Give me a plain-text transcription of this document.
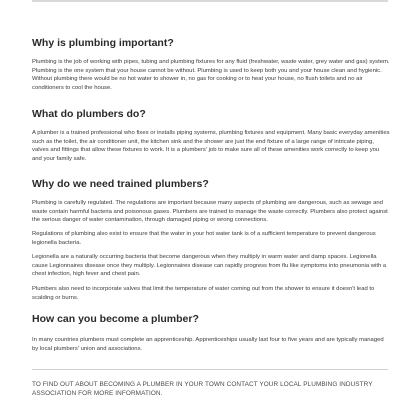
Why is plumbing important?

Plumbing is the job of working with pipes, tubing and plumbing fixtures for any fluid (freshwater, waste water, grey water and gas) system. Plumbing is the one system that your house cannot be without. Plumbing is used to keep both you and your house clean and hygienic. Without plumbing there would be no hot water to shower in, no gas for cooking or to heat your house, no flush toilets and no air conditioners to cool the house.

What do plumbers do?

A plumber is a trained professional who fixes or installs piping systems, plumbing fixtures and equipment. Many basic everyday amenities such as the toilet, the air conditioner unit, the kitchen sink and the shower are just the end fixture of a large range of intricate piping, valves and fittings that allow these fixtures to work. It is a plumbers' job to make sure all of these amenities work correctly to keep you and your family safe.

Why do we need trained plumbers?

Plumbing is carefully regulated. The regulations are important because many aspects of plumbing are dangerous, such as sewage and waste contain harmful bacteria and poisonous gases. Plumbers are trained to manage the waste correctly. Plumbers also protect against the serious danger of water contamination, through damaged piping or wrong connections.

Regulations of plumbing also exist to ensure that the water in your hot water tank is of a sufficient temperature to prevent dangerous legionella bacteria.

Legionella are a naturally occurring bacteria that become dangerous when they multiply in warm water and damp spaces. Legionella cause Legionnaires disease once they multiply. Legionnaires disease can rapidly progress from flu like symptoms into pneumonia with a chest infection, high fever and chest pain.

Plumbers also need to incorporate valves that limit the temperature of water coming out from the shower to ensure it doesn't lead to scalding or burns.

How can you become a plumber?

In many countries plumbers must complete an apprenticeship. Apprenticeships usually last four to five years and are typically managed by local plumbers' union and associations.

TO FIND OUT ABOUT BECOMING A PLUMBER IN YOUR TOWN CONTACT YOUR LOCAL PLUMBING INDUSTRY ASSOCIATION FOR MORE INFORMATION.
